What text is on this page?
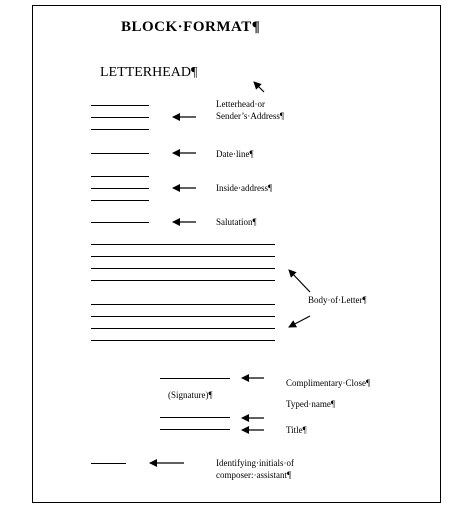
BLOCK·FORMAT¶
LETTERHEAD¶
Letterhead·or
Sender’s·Address¶
Date·line¶
Inside·address¶
Salutation¶
Body·of·Letter¶
Complimentary·Close¶
(Signature)¶
Typed·name¶
Title¶
Identifying·initials·of
composer:·assistant¶
